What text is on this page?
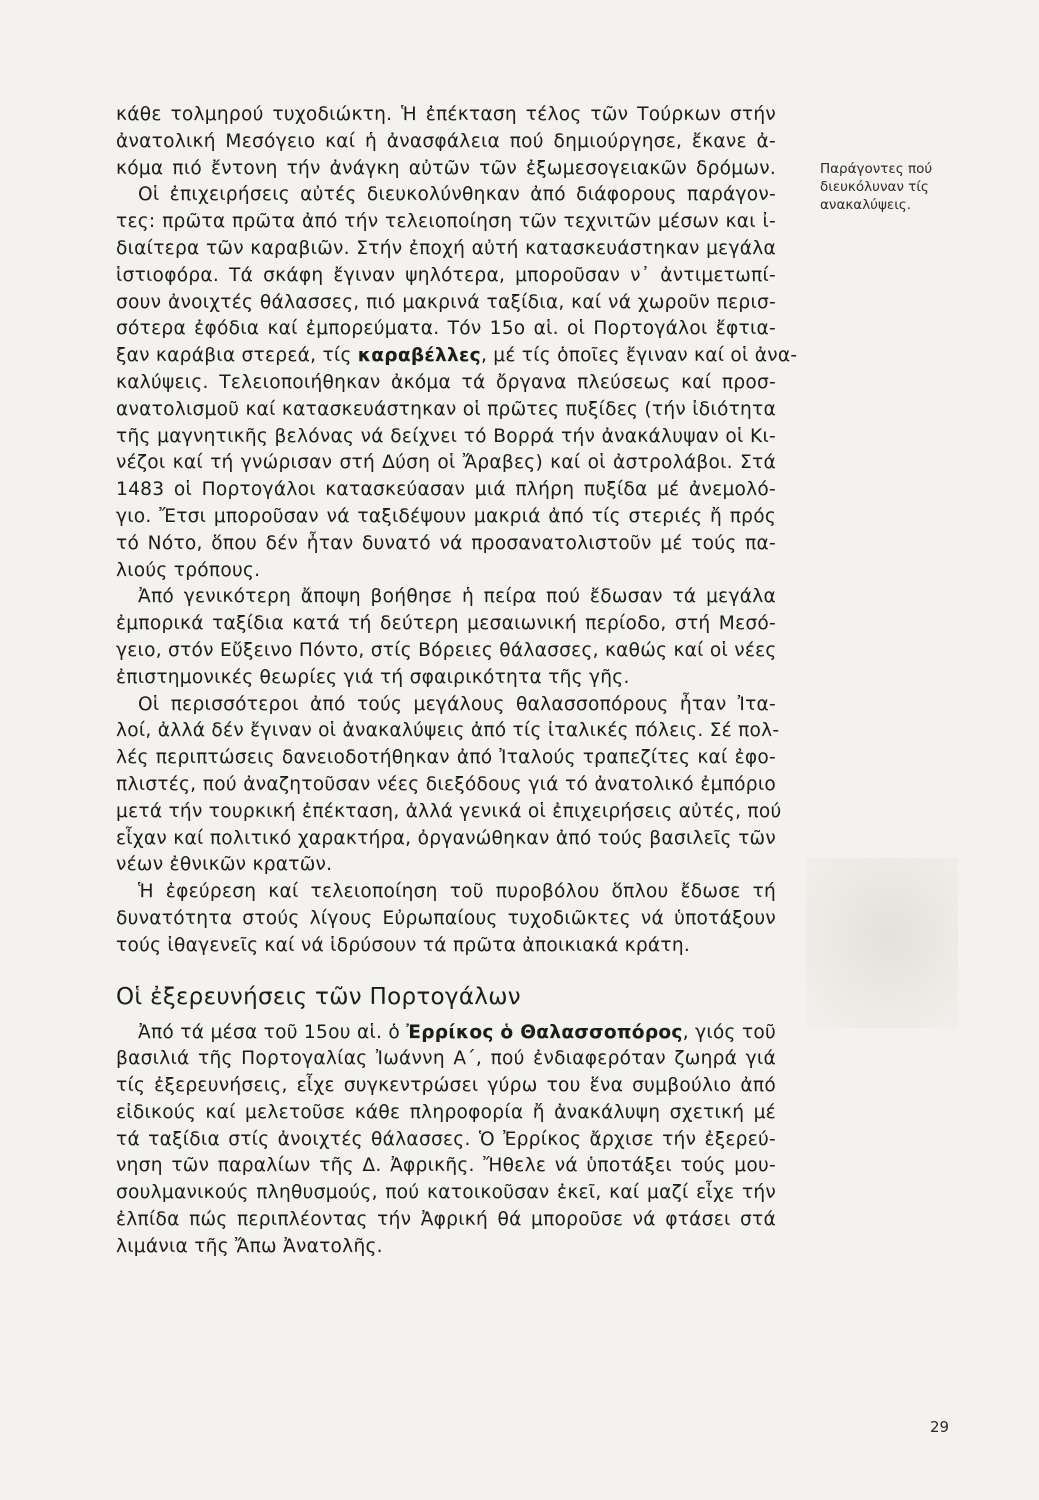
Παράγοντες πού διευκόλυναν τίς ανακαλύψεις.
κάθε τολμηρού τυχοδιώκτη. Ἡ ἐπέκταση τέλος τῶν Τούρκων στήν
ἀνατολική Μεσόγειο καί ἡ ἀνασφάλεια πού δημιούργησε, ἔκανε ἀ-
κόμα πιό ἔντονη τήν ἀνάγκη αὐτῶν τῶν ἐξωμεσογειακῶν δρόμων.
Οἱ ἐπιχειρήσεις αὐτές διευκολύνθηκαν ἀπό διάφορους παράγον-
τες: πρῶτα πρῶτα ἀπό τήν τελειοποίηση τῶν τεχνιτῶν μέσων και ἰ-
διαίτερα τῶν καραβιῶν. Στήν ἐποχή αὐτή κατασκευάστηκαν μεγάλα
ἱστιοφόρα. Τά σκάφη ἔγιναν ψηλότερα, μποροῦσαν ν᾽ ἀντιμετωπί-
σουν ἀνοιχτές θάλασσες, πιό μακρινά ταξίδια, καί νά χωροῦν περισ-
σότερα ἐφόδια καί ἐμπορεύματα. Τόν 15ο αἱ. οἱ Πορτογάλοι ἔφτια-
ξαν καράβια στερεά, τίς καραβέλλες, μέ τίς ὁποῖες ἔγιναν καί οἱ ἀνα-
καλύψεις. Τελειοποιήθηκαν ἀκόμα τά ὄργανα πλεύσεως καί προσ-
ανατολισμοῦ καί κατασκευάστηκαν οἱ πρῶτες πυξίδες (τήν ἰδιότητα
τῆς μαγνητικῆς βελόνας νά δείχνει τό Βορρά τήν ἀνακάλυψαν οἱ Κι-
νέζοι καί τή γνώρισαν στή Δύση οἱ Ἄραβες) καί οἱ ἀστρολάβοι. Στά
1483 οἱ Πορτογάλοι κατασκεύασαν μιά πλήρη πυξίδα μέ ἀνεμολό-
γιο. Ἔτσι μποροῦσαν νά ταξιδέψουν μακριά ἀπό τίς στεριές ἤ πρός
τό Νότο, ὅπου δέν ἦταν δυνατό νά προσανατολιστοῦν μέ τούς πα-
λιούς τρόπους.
Ἀπό γενικότερη ἄποψη βοήθησε ἡ πείρα πού ἔδωσαν τά μεγάλα
ἐμπορικά ταξίδια κατά τή δεύτερη μεσαιωνική περίοδο, στή Μεσό-
γειο, στόν Εὔξεινο Πόντο, στίς Βόρειες θάλασσες, καθώς καί οἱ νέες
ἐπιστημονικές θεωρίες γιά τή σφαιρικότητα τῆς γῆς.
Οἱ περισσότεροι ἀπό τούς μεγάλους θαλασσοπόρους ἦταν Ἰτα-
λοί, ἀλλά δέν ἔγιναν οἱ ἀνακαλύψεις ἀπό τίς ἰταλικές πόλεις. Σέ πολ-
λές περιπτώσεις δανειοδοτήθηκαν ἀπό Ἰταλούς τραπεζίτες καί ἐφο-
πλιστές, πού ἀναζητοῦσαν νέες διεξόδους γιά τό ἀνατολικό ἐμπόριο
μετά τήν τουρκική ἐπέκταση, ἀλλά γενικά οἱ ἐπιχειρήσεις αὐτές, πού
εἶχαν καί πολιτικό χαρακτήρα, ὀργανώθηκαν ἀπό τούς βασιλεῖς τῶν
νέων ἐθνικῶν κρατῶν.
Ἡ ἐφεύρεση καί τελειοποίηση τοῦ πυροβόλου ὅπλου ἔδωσε τή
δυνατότητα στούς λίγους Εὐρωπαίους τυχοδιῶκτες νά ὑποτάξουν
τούς ἰθαγενεῖς καί νά ἱδρύσουν τά πρῶτα ἀποικιακά κράτη.
Οἱ ἐξερευνήσεις τῶν Πορτογάλων
Ἀπό τά μέσα τοῦ 15ου αἱ. ὁ Ἐρρίκος ὁ Θαλασσοπόρος, γιός τοῦ
βασιλιά τῆς Πορτογαλίας Ἰωάννη Α΄, πού ἐνδιαφερόταν ζωηρά γιά
τίς ἐξερευνήσεις, εἶχε συγκεντρώσει γύρω του ἕνα συμβούλιο ἀπό
εἰδικούς καί μελετοῦσε κάθε πληροφορία ἤ ἀνακάλυψη σχετική μέ
τά ταξίδια στίς ἀνοιχτές θάλασσες. Ὁ Ἐρρίκος ἄρχισε τήν ἐξερεύ-
νηση τῶν παραλίων τῆς Δ. Ἀφρικῆς. Ἤθελε νά ὑποτάξει τούς μου-
σουλμανικούς πληθυσμούς, πού κατοικοῦσαν ἐκεῖ, καί μαζί εἶχε τήν
ἐλπίδα πώς περιπλέοντας τήν Ἀφρική θά μποροῦσε νά φτάσει στά
λιμάνια τῆς Ἄπω Ἀνατολῆς.
29
